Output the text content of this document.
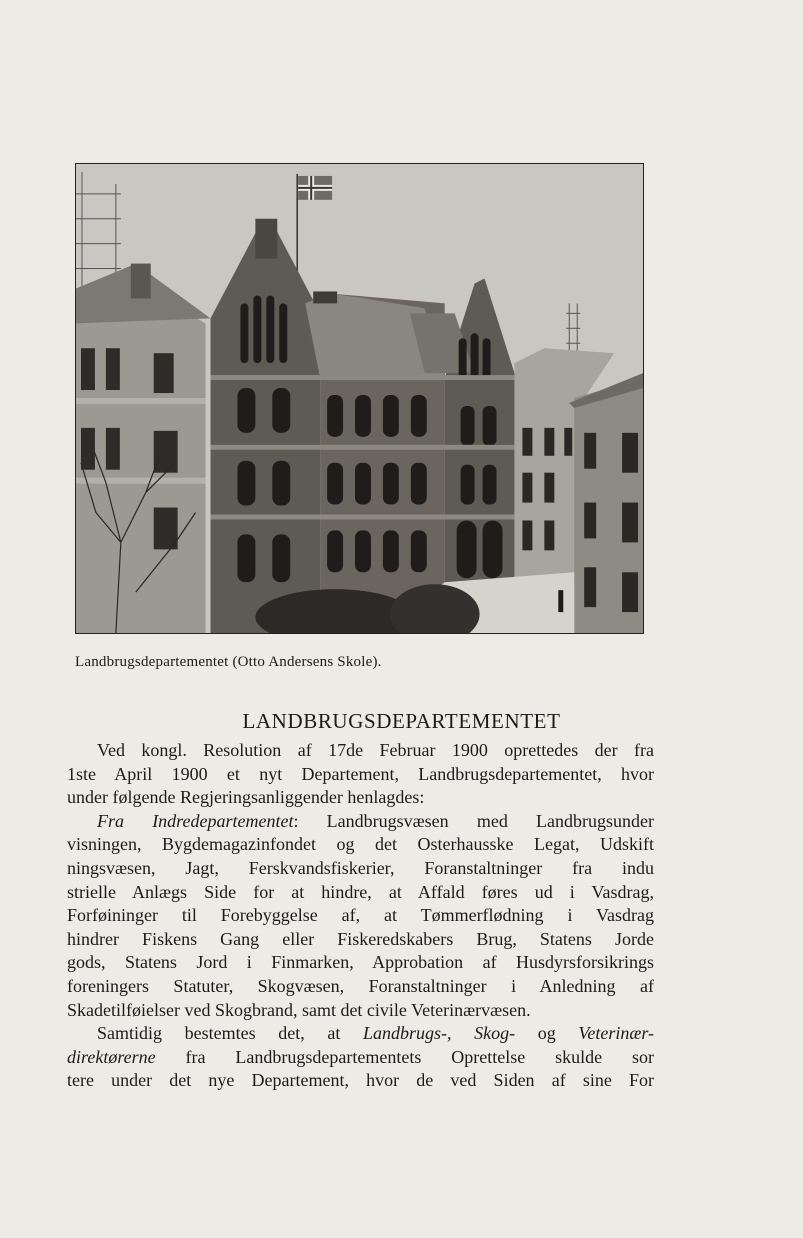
Landbrugsdepartementet (Otto Andersens Skole).
LANDBRUGSDEPARTEMENTET
Ved kongl. Resolution af 17de Februar 1900 oprettedes der fra
1ste April 1900 et nyt Departement, Landbrugsdepartementet, hvor
under følgende Regjeringsanliggender henlagdes:
Fra Indredepartementet: Landbrugsvæsen med Landbrugsunder
visningen, Bygdemagazinfondet og det Osterhausske Legat, Udskift
ningsvæsen, Jagt, Ferskvandsfiskerier, Foranstaltninger fra indu
strielle Anlægs Side for at hindre, at Affald føres ud i Vasdrag,
Forføininger til Forebyggelse af, at Tømmerflødning i Vasdrag
hindrer Fiskens Gang eller Fiskeredskabers Brug, Statens Jorde
gods, Statens Jord i Finmarken, Approbation af Husdyrsforsikrings
foreningers Statuter, Skogvæsen, Foranstaltninger i Anledning af
Skadetilføielser ved Skogbrand, samt det civile Veterinærvæsen.
Samtidig bestemtes det, at Landbrugs-, Skog- og Veterinær-
direktørerne fra Landbrugsdepartementets Oprettelse skulde sor
tere under det nye Departement, hvor de ved Siden af sine For
